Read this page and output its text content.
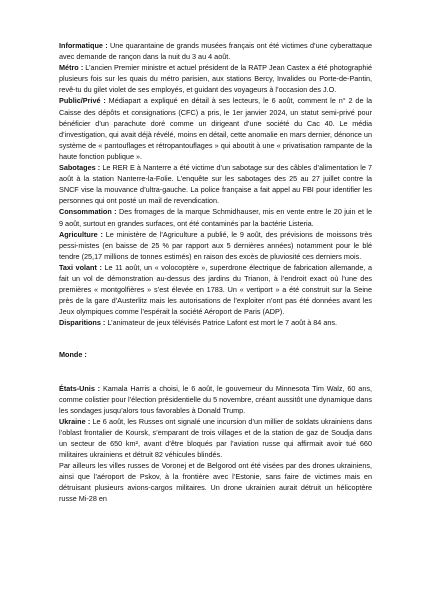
Informatique : Une quarantaine de grands musées français ont été victimes d’une cyberattaque avec demande de rançon dans la nuit du 3 au 4 août.

Métro : L’ancien Premier ministre et actuel président de la RATP Jean Castex a été photographié plusieurs fois sur les quais du métro parisien, aux stations Bercy, Invalides ou Porte-de-Pantin, revê-tu du gilet violet de ses employés, et guidant des voyageurs à l’occasion des J.O.

Public/Privé : Médiapart a expliqué en détail à ses lecteurs, le 6 août, comment le n° 2 de la Caisse des dépôts et consignations (CFC) a pris, le 1er janvier 2024, un statut semi-privé pour bénéficier d’un parachute doré comme un dirigeant d’une société du Cac 40. Le média d’investigation, qui avait déjà révélé, moins en détail, cette anomalie en mars dernier, dénonce un système de « pantouflages et rétropantouflages » qui aboutit à une « privatisation rampante de la haute fonction publique ».

Sabotages : Le RER E à Nanterre a été victime d’un sabotage sur des câbles d’alimentation le 7 août à la station Nanterre-la-Folie. L’enquête sur les sabotages des 25 au 27 juillet contre la SNCF vise la mouvance d’ultra-gauche. La police française a fait appel au FBI pour identifier les personnes qui ont posté un mail de revendication.

Consommation : Des fromages de la marque Schmidhauser, mis en vente entre le 20 juin et le 9 août, surtout en grandes surfaces, ont été contaminés par la bactérie Listeria.

Agriculture : Le ministère de l’Agriculture a publié, le 9 août, des prévisions de moissons très pessi-mistes (en baisse de 25 % par rapport aux 5 dernières années) notamment pour le blé tendre (25,17 millions de tonnes estimés) en raison des excès de pluviosité ces derniers mois.

Taxi volant : Le 11 août, un « volocoptère », superdrone électrique de fabrication allemande, a fait un vol de démonstration au-dessus des jardins du Trianon, à l’endroit exact où l’une des premières « montgolfières » s’est élevée en 1783. Un « vertiport » a été construit sur la Seine près de la gare d’Austerlitz mais les autorisations de l’exploiter n’ont pas été données avant les Jeux olympiques comme l’espérait la société Aéroport de Paris (ADP).

Disparitions : L’animateur de jeux télévisés Patrice Lafont est mort le 7 août à 84 ans.

Monde :

États-Unis : Kamala Harris a choisi, le 6 août, le gouverneur du Minnesota Tim Walz, 60 ans, comme colistier pour l’élection présidentielle du 5 novembre, créant aussitôt une dynamique dans les sondages jusqu’alors tous favorables à Donald Trump.

Ukraine : Le 6 août, les Russes ont signalé une incursion d’un millier de soldats ukrainiens dans l’oblast frontalier de Koursk, s’emparant de trois villages et de la station de gaz de Soudja dans un secteur de 650 km², avant d’être bloqués par l’aviation russe qui affirmait avoir tué 660 militaires ukrainiens et détruit 82 véhicules blindés.

Par ailleurs les villes russes de Voronej et de Belgorod ont été visées par des drones ukrainiens, ainsi que l’aéroport de Pskov, à la frontière avec l’Estonie, sans faire de victimes mais en détruisant plusieurs avions-cargos militaires. Un drone ukrainien aurait détruit un hélicoptère russe Mi-28 en
